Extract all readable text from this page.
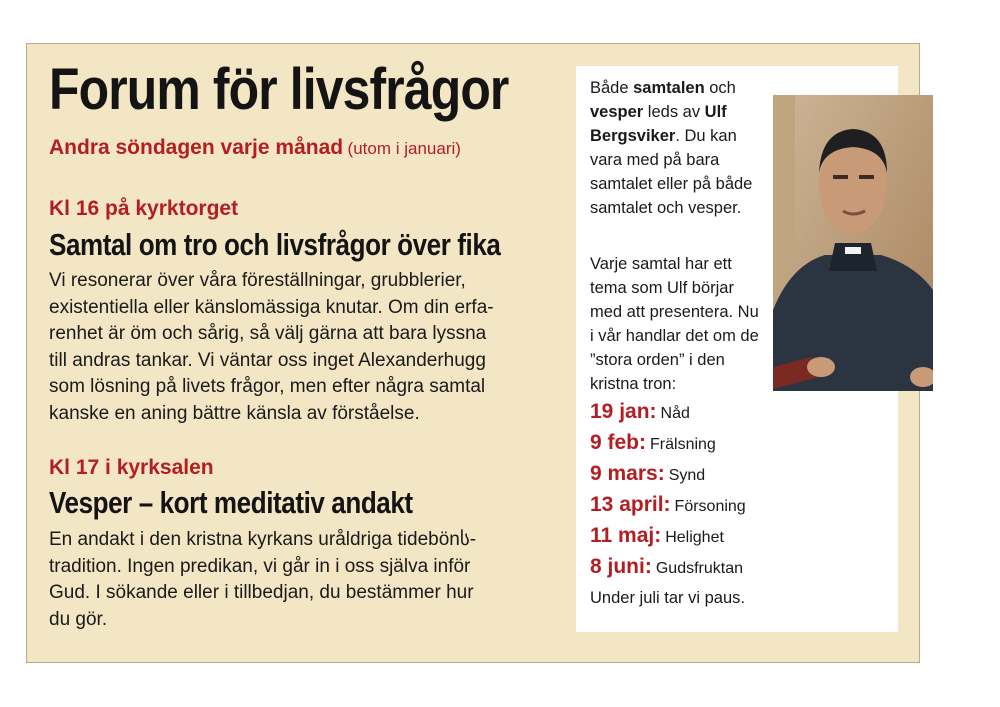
Forum för livsfrågor
Andra söndagen varje månad (utom i januari)
Kl 16 på kyrktorget
Samtal om tro och livsfrågor över fika
Vi resonerar över våra föreställningar, grubblerier,
existentiella eller känslomässiga knutar. Om din erfa-
renhet är öm och sårig, så välj gärna att bara lyssna
till andras tankar. Vi väntar oss inget Alexanderhugg
som lösning på livets frågor, men efter några samtal
kanske en aning bättre känsla av förståelse.
Kl 17 i kyrksalen
Vesper – kort meditativ andakt
En andakt i den kristna kyrkans uråldriga tidebönს-
tradition. Ingen predikan, vi går in i oss själva inför
Gud. I sökande eller i tillbedjan, du bestämmer hur
du gör.

Både samtalen och vesper leds av Ulf Bergsviker. Du kan vara med på bara samtalet eller på både samtalet och vesper.

Varje samtal har ett tema som Ulf börjar med att presentera. Nu i vår handlar det om de ”stora orden” i den kristna tron:

19 jan: Nåd
9 feb: Frälsning
9 mars: Synd
13 april: Försoning
11 maj: Helighet
8 juni: Gudsfruktan

Under juli tar vi paus.
